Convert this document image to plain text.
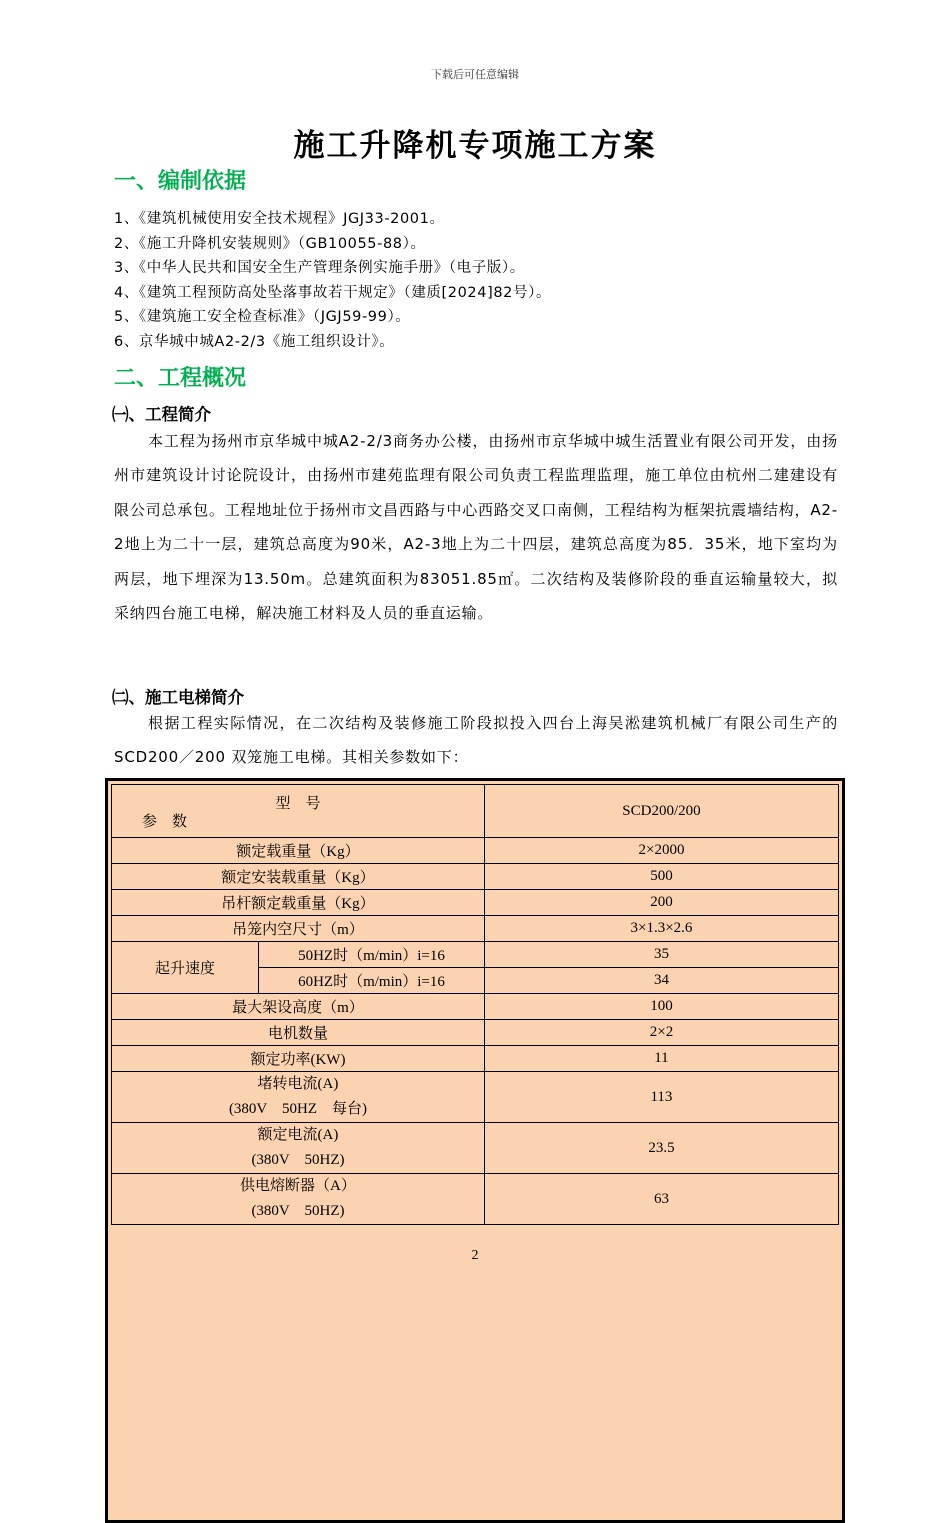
下载后可任意编辑
施工升降机专项施工方案
一、编制依据
1、《建筑机械使用安全技术规程》JGJ33-2001。
2、《施工升降机安装规则》（GB10055-88）。
3、《中华人民共和国安全生产管理条例实施手册》（电子版）。
4、《建筑工程预防高处坠落事故若干规定》（建质[2024]82号）。
5、《建筑施工安全检查标准》（JGJ59-99）。
6、京华城中城A2-2/3《施工组织设计》。
二、工程概况
㈠、工程简介

本工程为扬州市京华城中城A2-2/3商务办公楼，由扬州市京华城中城生活置业有限公司开发，由扬州市建筑设计讨论院设计，由扬州市建苑监理有限公司负责工程监理监理，施工单位由杭州二建建设有限公司总承包。工程地址位于扬州市文昌西路与中心西路交叉口南侧，工程结构为框架抗震墙结构，A2-2地上为二十一层，建筑总高度为90米，A2-3地上为二十四层，建筑总高度为85．35米，地下室均为两层，地下埋深为13.50m。总建筑面积为83051.85㎡。二次结构及装修阶段的垂直运输量较大，拟采纳四台施工电梯，解决施工材料及人员的垂直运输。

㈡、施工电梯简介

根据工程实际情况，在二次结构及装修施工阶段拟投入四台上海吴淞建筑机械厂有限公司生产的SCD200／200 双笼施工电梯。其相关参数如下：

型　号
参　数		SCD200/200
额定载重量（Kg）		2×2000
额定安装载重量（Kg）		500
吊杆额定载重量（Kg）		200
吊笼内空尺寸（m）		3×1.3×2.6
起升速度	50HZ时（m/min）i=16	35
	60HZ时（m/min）i=16	34
最大架设高度（m）		100
电机数量		2×2
额定功率(KW)		11

堵转电流(A)
(380V　50HZ　每台)		113

额定电流(A)
(380V　50HZ)		23.5

供电熔断器（A）
(380V　50HZ)		63
2
